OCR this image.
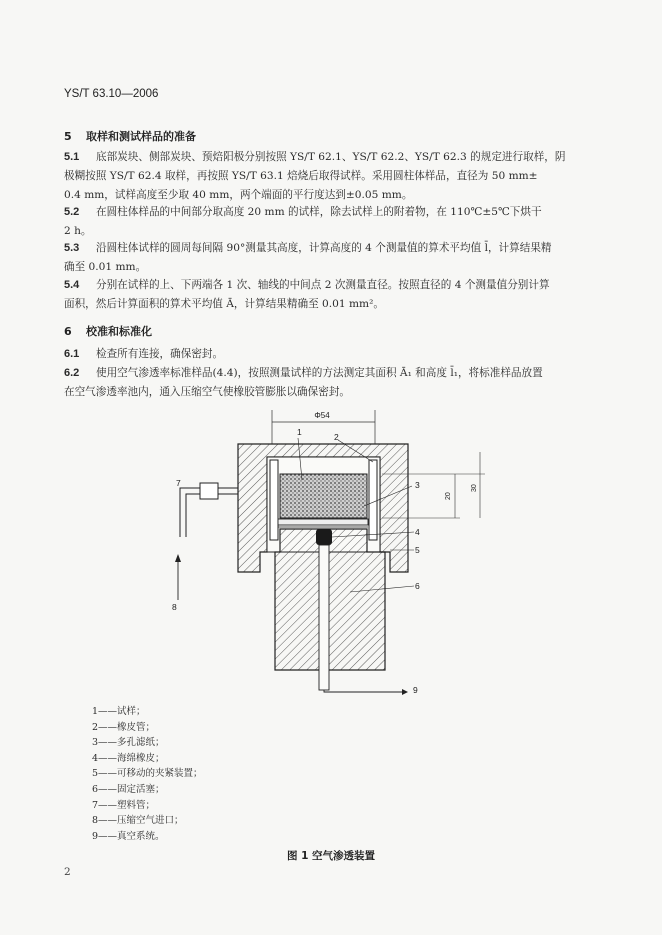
YS/T 63.10—2006
5 取样和测试样品的准备
5.1 底部炭块、侧部炭块、预焙阳极分别按照 YS/T 62.1、YS/T 62.2、YS/T 62.3 的规定进行取样，阴
极糊按照 YS/T 62.4 取样，再按照 YS/T 63.1 焙烧后取得试样。采用圆柱体样品，直径为 50 mm±
0.4 mm，试样高度至少取 40 mm，两个端面的平行度达到±0.05 mm。
5.2 在圆柱体样品的中间部分取高度 20 mm 的试样，除去试样上的附着物，在 110℃±5℃下烘干
2 h。
5.3 沿圆柱体试样的圆周每间隔 90°测量其高度，计算高度的 4 个测量值的算术平均值 l̄，计算结果精
确至 0.01 mm。
5.4 分别在试样的上、下两端各 1 次、轴线的中间点 2 次测量直径。按照直径的 4 个测量值分别计算
面积，然后计算面积的算术平均值 Ā，计算结果精确至 0.01 mm²。
6 校准和标准化
6.1 检查所有连接，确保密封。
6.2 使用空气渗透率标准样品(4.4)，按照测量试样的方法测定其面积 Ā₁ 和高度 l̄₁，将标准样品放置
在空气渗透率池内，通入压缩空气使橡胶管膨胀以确保密封。
Φ54
20
30
1	2
3
4
5
6
7
8
9
1——试样；
2——橡皮管；
3——多孔滤纸；
4——海绵橡皮；
5——可移动的夹紧装置；
6——固定活塞；
7——塑料管；
8——压缩空气进口；
9——真空系统。
图 1 空气渗透装置
2
